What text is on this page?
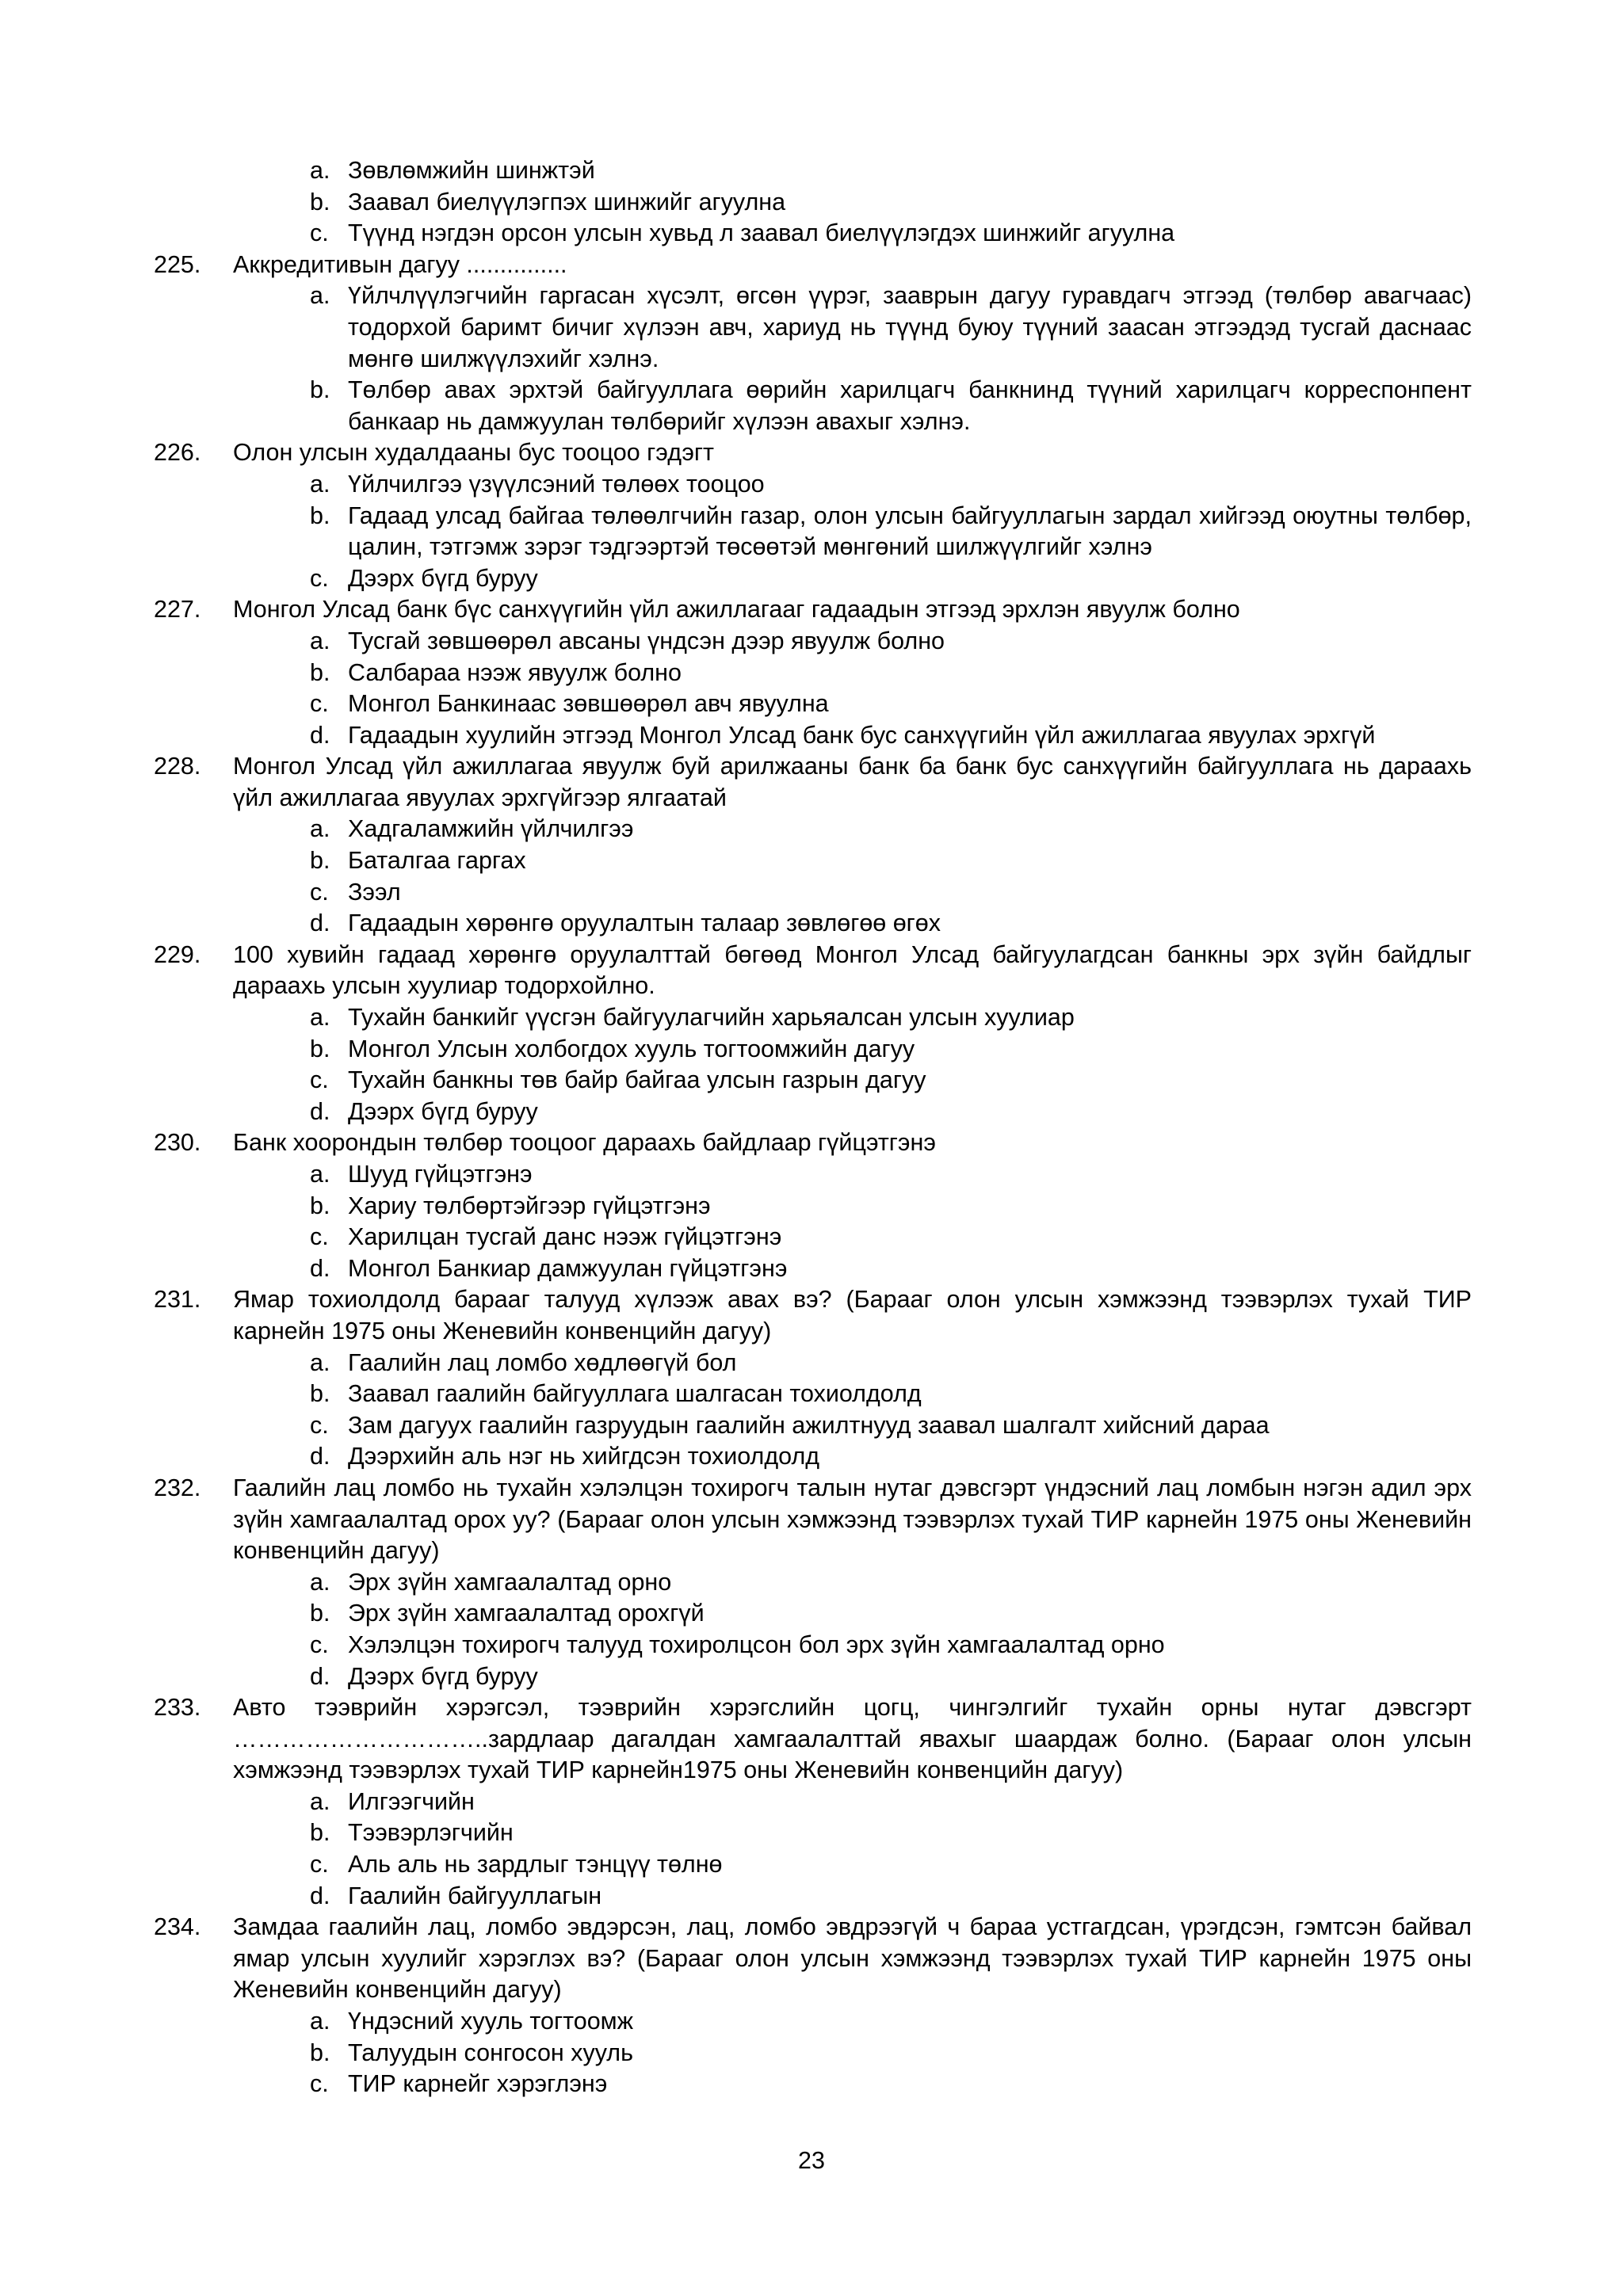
a. Зөвлөмжийн шинжтэй
b. Заавал биелүүлэгпэх шинжийг агуулна
c. Түүнд нэгдэн орсон улсын хувьд л заавал биелүүлэгдэх шинжийг агуулна
225. Аккредитивын дагуу ...............
a. Үйлчлүүлэгчийн гаргасан хүсэлт, өгсөн үүрэг, зааврын дагуу гуравдагч этгээд (төлбөр авагчаас) тодорхой баримт бичиг хүлээн авч, хариуд нь түүнд буюу түүний заасан этгээдэд тусгай даснаас мөнгө шилжүүлэхийг хэлнэ.
b. Төлбөр авах эрхтэй байгууллага өөрийн харилцагч банкнинд түүний харилцагч корреспонпент банкаар нь дамжуулан төлбөрийг хүлээн авахыг хэлнэ.
226. Олон улсын худалдааны бус тооцоо гэдэгт
a. Үйлчилгээ үзүүлсэний төлөөх тооцоо
b. Гадаад улсад байгаа төлөөлгчийн газар, олон улсын байгууллагын зардал хийгээд оюутны төлбөр, цалин, тэтгэмж зэрэг тэдгээртэй төсөөтэй мөнгөний шилжүүлгийг хэлнэ
c. Дээрх бүгд буруу
227. Монгол Улсад банк бүс санхүүгийн үйл ажиллагааг гадаадын этгээд эрхлэн явуулж болно
a. Тусгай зөвшөөрөл авсаны үндсэн дээр явуулж болно
b. Салбараа нээж явуулж болно
c. Монгол Банкинаас зөвшөөрөл авч явуулна
d. Гадаадын хуулийн этгээд Монгол Улсад банк бус санхүүгийн үйл ажиллагаа явуулах эрхгүй
228. Монгол Улсад үйл ажиллагаа явуулж буй арилжааны банк ба банк бус санхүүгийн байгууллага нь дараахь үйл ажиллагаа явуулах эрхгүйгээр ялгаатай
a. Хадгаламжийн үйлчилгээ
b. Баталгаа гаргах
c. Зээл
d. Гадаадын хөрөнгө оруулалтын талаар зөвлөгөө өгөх
229. 100 хувийн гадаад хөрөнгө оруулалттай бөгөөд Монгол Улсад байгуулагдсан банкны эрх зүйн байдлыг дараахь улсын хуулиар тодорхойлно.
a. Тухайн банкийг үүсгэн байгуулагчийн харьяалсан улсын хуулиар
b. Монгол Улсын холбогдох хууль тогтоомжийн дагуу
c. Тухайн банкны төв байр байгаа улсын газрын дагуу
d. Дээрх бүгд буруу
230. Банк хоорондын төлбөр тооцоог дараахь байдлаар гүйцэтгэнэ
a. Шууд гүйцэтгэнэ
b. Хариу төлбөртэйгээр гүйцэтгэнэ
c. Харилцан тусгай данс нээж гүйцэтгэнэ
d. Монгол Банкиар дамжуулан гүйцэтгэнэ
231. Ямар тохиолдолд барааг талууд хүлээж авах вэ? (Барааг олон улсын хэмжээнд тээвэрлэх тухай ТИР карнейн 1975 оны Женевийн конвенцийн дагуу)
a. Гаалийн лац ломбо хөдлөөгүй бол
b. Заавал гаалийн байгууллага шалгасан тохиолдолд
c. Зам дагуух гаалийн газруудын гаалийн ажилтнууд заавал шалгалт хийсний дараа
d. Дээрхийн аль нэг нь хийгдсэн тохиолдолд
232. Гаалийн лац ломбо нь тухайн хэлэлцэн тохирогч талын нутаг дэвсгэрт үндэсний лац ломбын нэгэн адил эрх зүйн хамгаалалтад орох уу? (Барааг олон улсын хэмжээнд тээвэрлэх тухай ТИР карнейн 1975 оны Женевийн конвенцийн дагуу)
a. Эрх зүйн хамгаалалтад орно
b. Эрх зүйн хамгаалалтад орохгүй
c. Хэлэлцэн тохирогч талууд тохиролцсон бол эрх зүйн хамгаалалтад орно
d. Дээрх бүгд буруу
233. Авто тээврийн хэрэгсэл, тээврийн хэрэгслийн цогц, чингэлгийг тухайн орны нутаг дэвсгэрт …………………………..зардлаар дагалдан хамгаалалттай явахыг шаардаж болно. (Барааг олон улсын хэмжээнд тээвэрлэх тухай ТИР карнейн1975 оны Женевийн конвенцийн дагуу)
a. Илгээгчийн
b. Тээвэрлэгчийн
c. Аль аль нь зардлыг тэнцүү төлнө
d. Гаалийн байгууллагын
234. Замдаа гаалийн лац, ломбо эвдэрсэн, лац, ломбо эвдрээгүй ч бараа устгагдсан, үрэгдсэн, гэмтсэн байвал ямар улсын хуулийг хэрэглэх вэ? (Барааг олон улсын хэмжээнд тээвэрлэх тухай ТИР карнейн 1975 оны Женевийн конвенцийн дагуу)
a. Үндэсний хууль тогтоомж
b. Талуудын сонгосон хууль
c. ТИР карнейг хэрэглэнэ
23
